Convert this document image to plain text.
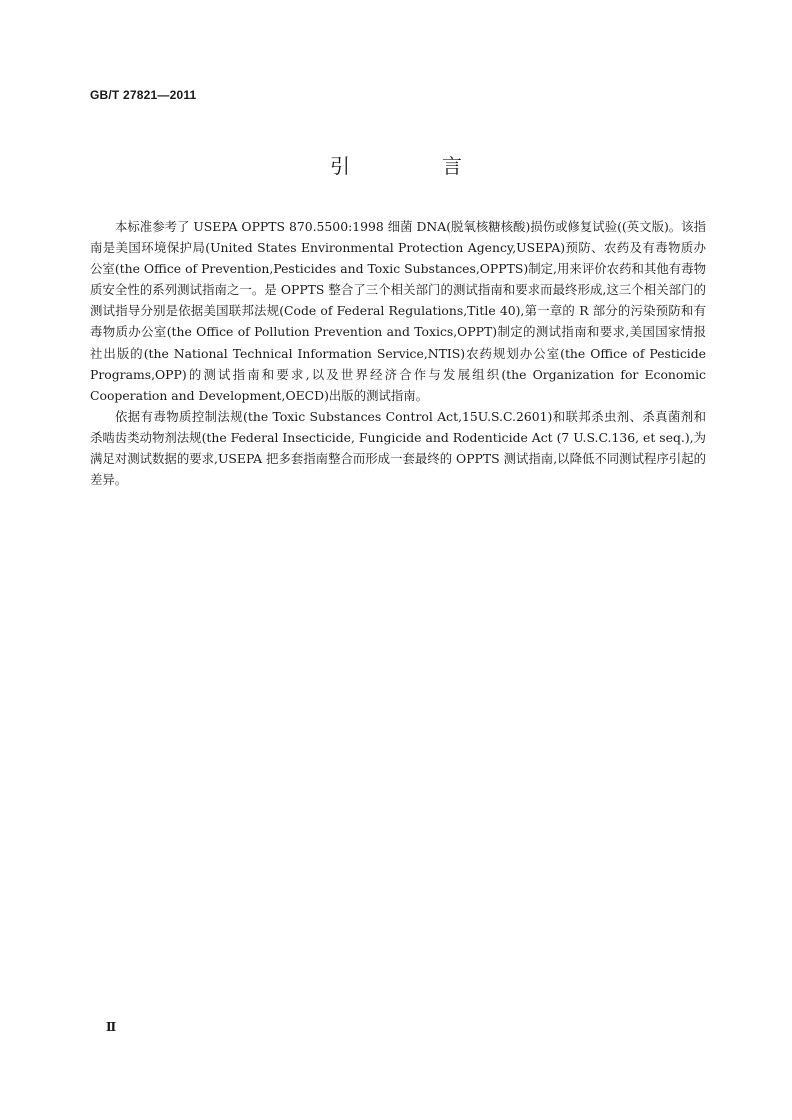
GB/T 27821—2011
引　言

本标准参考了 USEPA OPPTS 870.5500:1998 细菌 DNA(脱氧核糖核酸)损伤或修复试验((英文版)。该指南是美国环境保护局(United States Environmental Protection Agency,USEPA)预防、农药及有毒物质办公室(the Office of Prevention,Pesticides and Toxic Substances,OPPTS)制定,用来评价农药和其他有毒物质安全性的系列测试指南之一。是 OPPTS 整合了三个相关部门的测试指南和要求而最终形成,这三个相关部门的测试指导分别是依据美国联邦法规(Code of Federal Regulations,Title 40),第一章的 R 部分的污染预防和有毒物质办公室(the Office of Pollution Prevention and Toxics,OPPT)制定的测试指南和要求,美国国家情报社出版的(the National Technical Information Service,NTIS)农药规划办公室(the Office of Pesticide Programs,OPP)的测试指南和要求,以及世界经济合作与发展组织(the Organization for Economic Cooperation and Development,OECD)出版的测试指南。

依据有毒物质控制法规(the Toxic Substances Control Act,15U.S.C.2601)和联邦杀虫剂、杀真菌剂和杀啮齿类动物剂法规(the Federal Insecticide, Fungicide and Rodenticide Act (7 U.S.C.136, et seq.),为满足对测试数据的要求,USEPA 把多套指南整合而形成一套最终的 OPPTS 测试指南,以降低不同测试程序引起的差异。

Ⅱ
